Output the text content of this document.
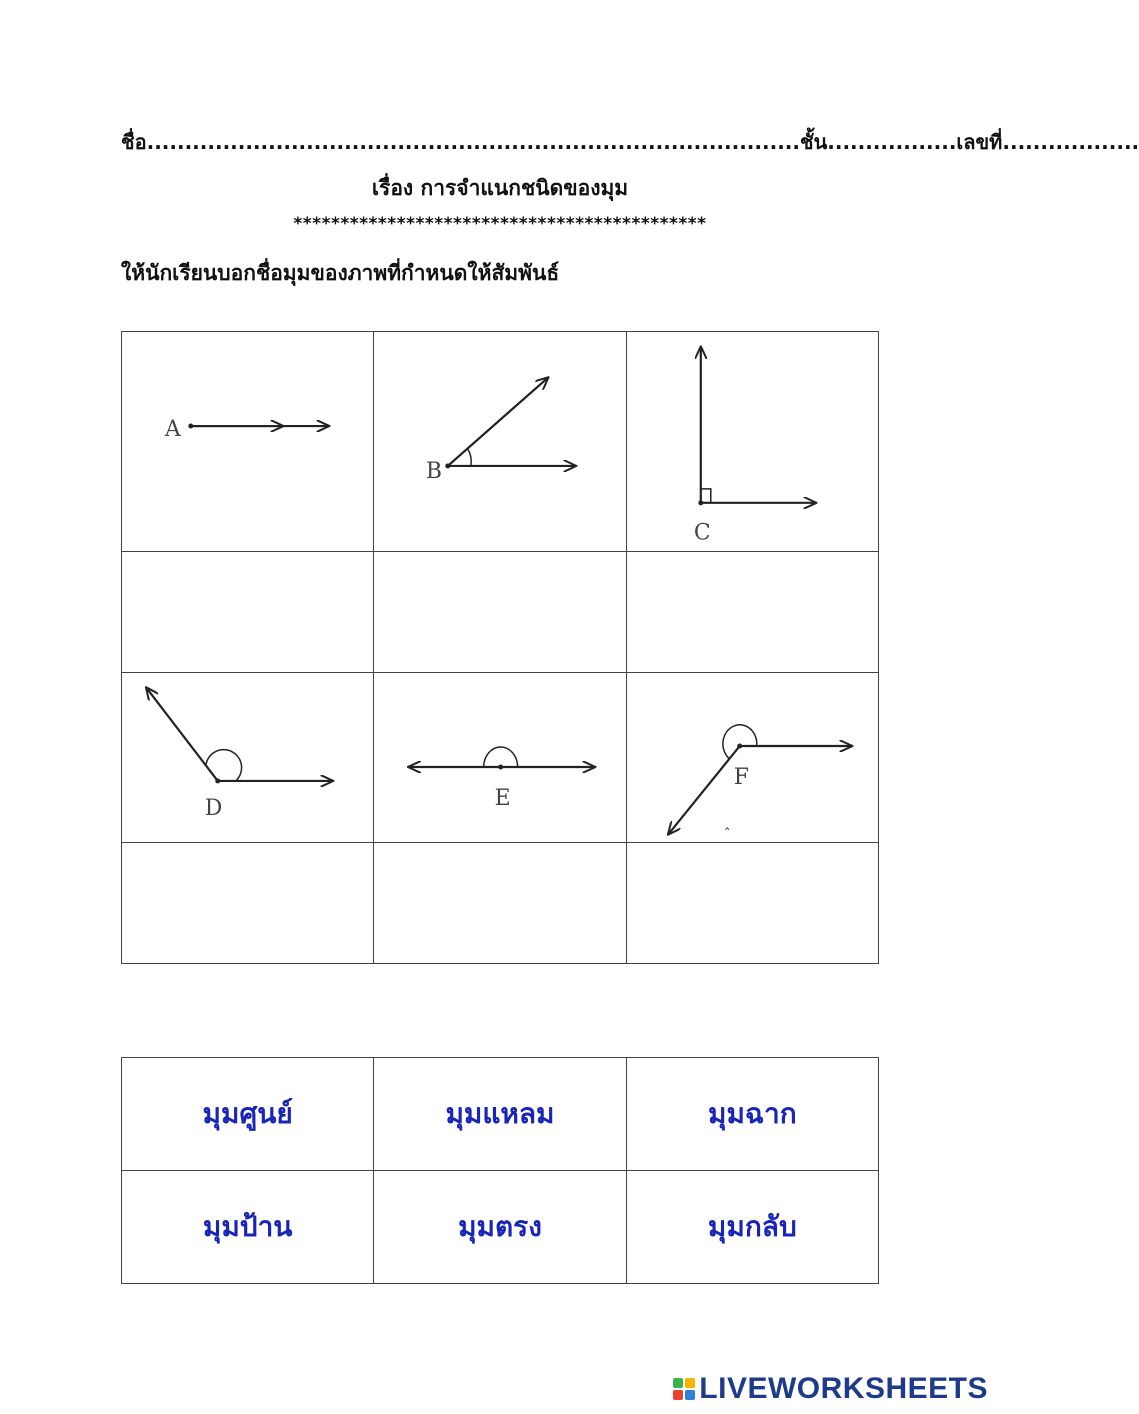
ชื่อ......................................................................................ชั้น.................เลขที่..................
เรื่อง การจำแนกชนิดของมุม
********************************************
ให้นักเรียนบอกชื่อมุมของภาพที่กำหนดให้สัมพันธ์
A	B	C

D	E	F
ˆ

มุมศูนย์	มุมแหลม	มุมฉาก
มุมป้าน	มุมตรง	มุมกลับ
LIVEWORKSHEETS
